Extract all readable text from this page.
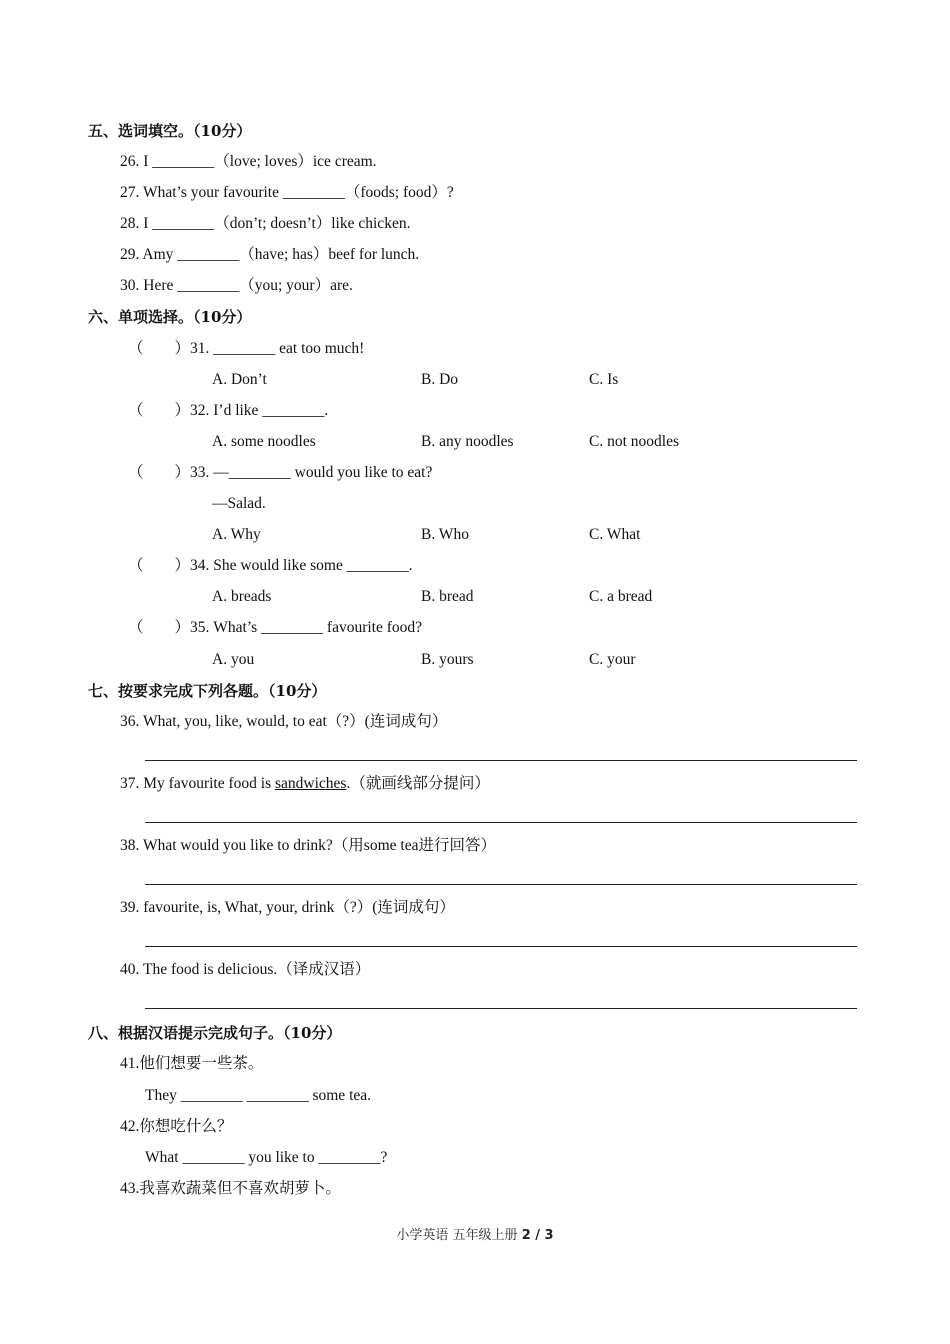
五、选词填空。（10分）
26. I ________（love; loves）ice cream.
27. What’s your favourite ________（foods; food）?
28. I ________（don’t; doesn’t）like chicken.
29. Amy ________（have; has）beef for lunch.
30. Here ________（you; your）are.
六、单项选择。（10分）
（　　）31. ________ eat too much!
A. Don’t	B. Do	C. Is
（　　）32. I’d like ________.
A. some noodles	B. any noodles	C. not noodles
（　　）33. —________ would you like to eat?
—Salad.
A. Why	B. Who	C. What
（　　）34. She would like some ________.
A. breads	B. bread	C. a bread
（　　）35. What’s ________ favourite food?
A. you	B. yours	C. your
七、按要求完成下列各题。（10分）
36. What, you, like, would, to eat（?）(连词成句）
37. My favourite food is sandwiches.（就画线部分提问）
38. What would you like to drink?（用some tea进行回答）
39. favourite, is, What, your, drink（?）(连词成句）
40. The food is delicious.（译成汉语）
八、根据汉语提示完成句子。（10分）
41.他们想要一些茶。
They ________ ________ some tea.
42.你想吃什么？
What ________ you like to ________?
43.我喜欢蔬菜但不喜欢胡萝卜。
小学英语 五年级上册 2 / 3
